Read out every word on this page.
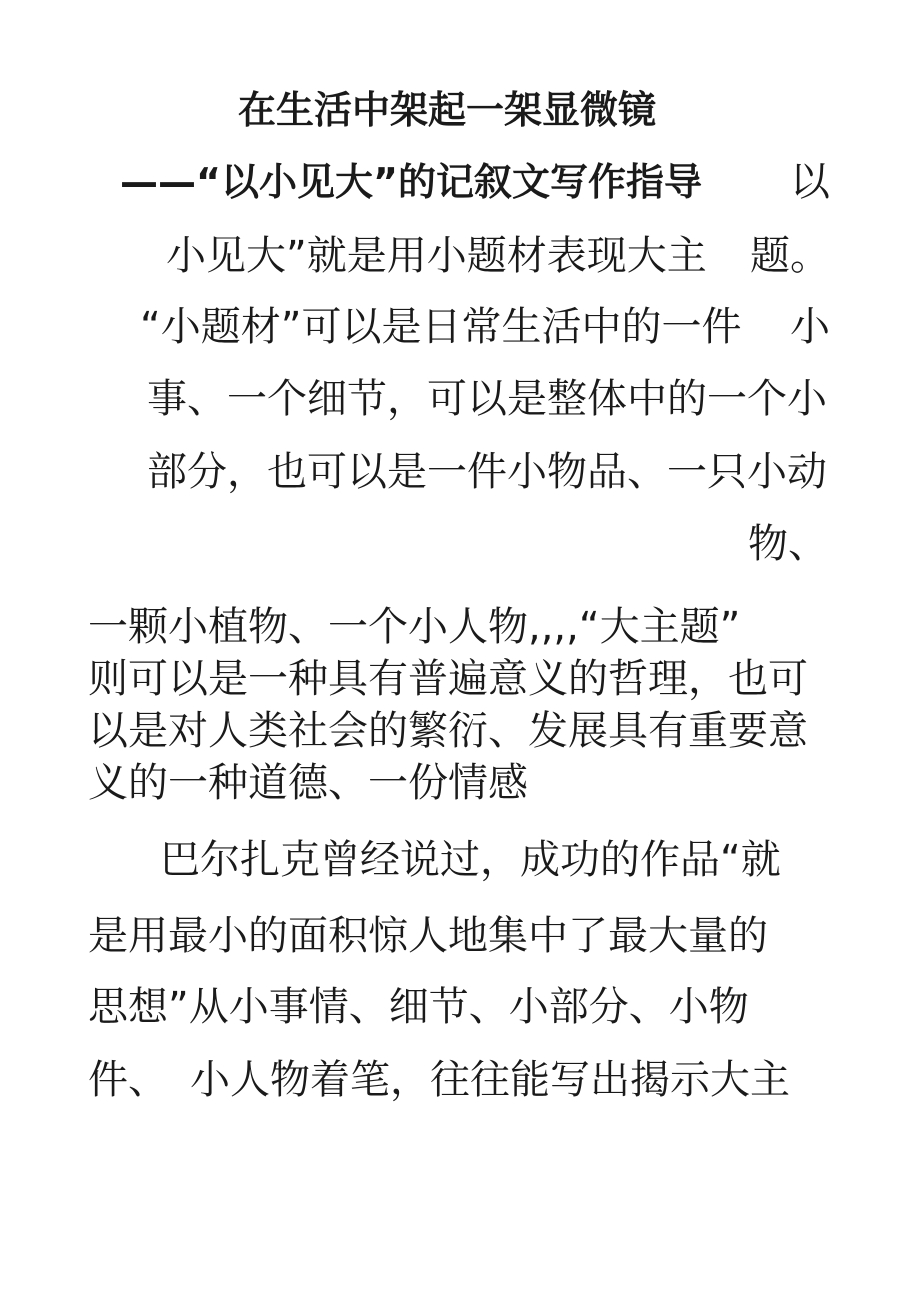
在生活中架起一架显微镜
——“以小见大”的记叙文写作指导 以
小见大”就是用小题材表现大主 题。
“小题材”可以是日常生活中的一件 小
事、一个细节，可以是整体中的一个小
部分，也可以是一件小物品、一只小动
物、
一颗小植物、一个小人物,,,,“大主题”
则可以是一种具有普遍意义的哲理，也可
以是对人类社会的繁衍、发展具有重要意
义的一种道德、一份情感
巴尔扎克曾经说过，成功的作品“就
是用最小的面积惊人地集中了最大量的
思想”从小事情、细节、小部分、小物
件、 小人物着笔，往往能写出揭示大主
